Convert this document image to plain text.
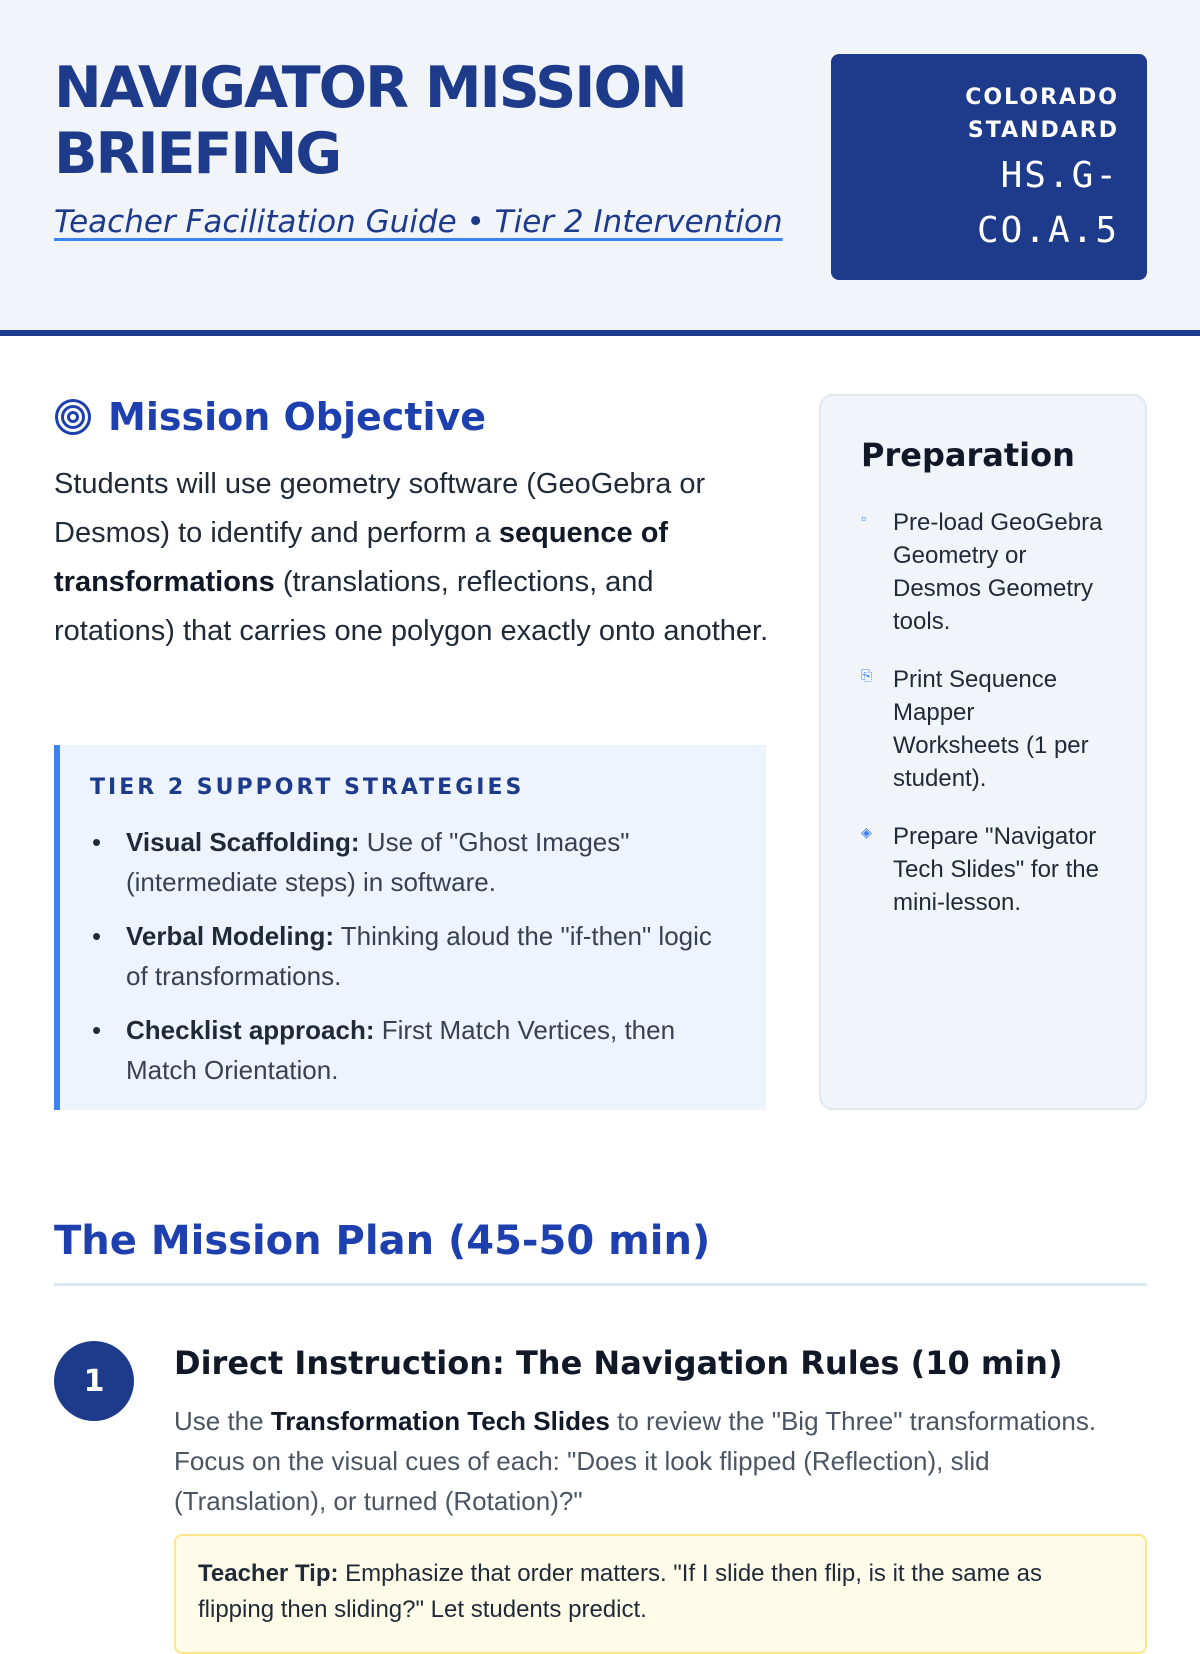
NAVIGATOR MISSION BRIEFING
Teacher Facilitation Guide • Tier 2 Intervention
COLORADO
STANDARD
HS.G-
CO.A.5
Mission Objective

Students will use geometry software (GeoGebra or Desmos) to identify and perform a sequence of transformations (translations, reflections, and rotations) that carries one polygon exactly onto another.

TIER 2 SUPPORT STRATEGIES
• Visual Scaffolding: Use of "Ghost Images" (intermediate steps) in software.
• Verbal Modeling: Thinking aloud the "if-then" logic of transformations.
• Checklist approach: First Match Vertices, then Match Orientation.
Preparation
▫	Pre-load GeoGebra Geometry or Desmos Geometry tools.
⎘ Print Sequence Mapper Worksheets (1 per student).
◈ Prepare "Navigator Tech Slides" for the mini-lesson.
The Mission Plan (45-50 min)
1	Direct Instruction: The Navigation Rules (10 min)

Use the Transformation Tech Slides to review the "Big Three" transformations. Focus on the visual cues of each: "Does it look flipped (Reflection), slid (Translation), or turned (Rotation)?"

Teacher Tip: Emphasize that order matters. "If I slide then flip, is it the same as flipping then sliding?" Let students predict.
